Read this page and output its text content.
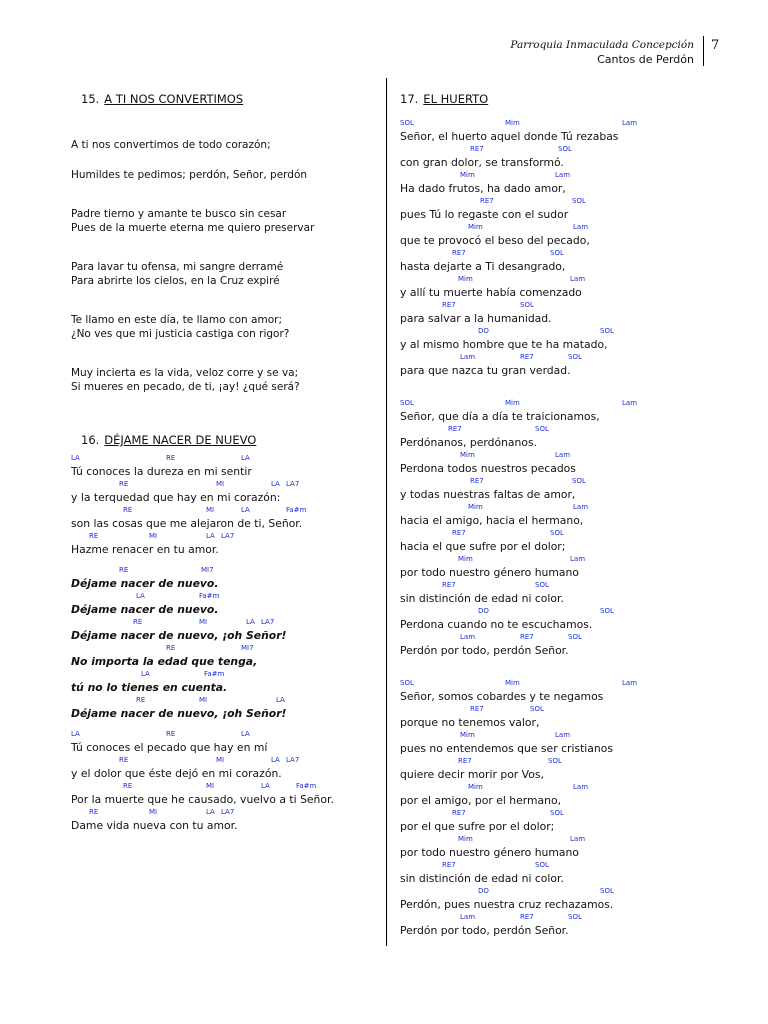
Parroquia Inmaculada Concepción
Cantos de Perdón
7
15. A TI NOS CONVERTIMOS
A ti nos convertimos de todo corazón;
Humildes te pedimos; perdón, Señor, perdón
Padre tierno y amante te busco sin cesar
Pues de la muerte eterna me quiero preservar
Para lavar tu ofensa, mi sangre derramé
Para abrirte los cielos, en la Cruz expiré
Te llamo en este día, te llamo con amor;
¿No ves que mi justicia castiga con rigor?
Muy incierta es la vida, veloz corre y se va;
Si mueres en pecado, de ti, ¡ay! ¿qué será?
16. DÉJAME NACER DE NUEVO
LA	RE	LA
Tú conoces la dureza en mi sentir
RE	MI	LA LA7
y la terquedad que hay en mi corazón:
RE	MI	LA	Fa#m
son las cosas que me alejaron de ti, Señor.
RE	MI	LA LA7
Hazme renacer en tu amor.
RE	MI7
Déjame nacer de nuevo.
LA	Fa#m
Déjame nacer de nuevo.
RE	MI	LA LA7
Déjame nacer de nuevo, ¡oh Señor!
RE	MI7
No importa la edad que tenga,
LA	Fa#m
tú no lo tienes en cuenta.
RE	MI	LA
Déjame nacer de nuevo, ¡oh Señor!
LA	RE	LA
Tú conoces el pecado que hay en mí
RE	MI	LA LA7
y el dolor que éste dejó en mi corazón.
RE	MI	LA	Fa#m
Por la muerte que he causado, vuelvo a ti Señor.
RE	MI	LA LA7
Dame vida nueva con tu amor.
17. EL HUERTO
SOL	Mim	Lam
Señor, el huerto aquel donde Tú rezabas
RE7	SOL
con gran dolor, se transformó.
Mim	Lam
Ha dado frutos, ha dado amor,
RE7	SOL
pues Tú lo regaste con el sudor
Mim	Lam
que te provocó el beso del pecado,
RE7	SOL
hasta dejarte a Ti desangrado,
Mim	Lam
y allí tu muerte había comenzado
RE7	SOL
para salvar a la humanidad.
DO	SOL
y al mismo hombre que te ha matado,
Lam	RE7	SOL
para que nazca tu gran verdad.
SOL	Mim	Lam
Señor, que día a día te traicionamos,
RE7	SOL
Perdónanos, perdónanos.
Mim	Lam
Perdona todos nuestros pecados
RE7	SOL
y todas nuestras faltas de amor,
Mim	Lam
hacia el amigo, hacia el hermano,
RE7	SOL
hacia el que sufre por el dolor;
Mim	Lam
por todo nuestro género humano
RE7	SOL
sin distinción de edad ni color.
DO	SOL
Perdona cuando no te escuchamos.
Lam	RE7	SOL
Perdón por todo, perdón Señor.
SOL	Mim	Lam
Señor, somos cobardes y te negamos
RE7	SOL
porque no tenemos valor,
Mim	Lam
pues no entendemos que ser cristianos
RE7	SOL
quiere decir morir por Vos,
Mim	Lam
por el amigo, por el hermano,
RE7	SOL
por el que sufre por el dolor;
Mim	Lam
por todo nuestro género humano
RE7	SOL
sin distinción de edad ni color.
DO	SOL
Perdón, pues nuestra cruz rechazamos.
Lam	RE7	SOL
Perdón por todo, perdón Señor.
